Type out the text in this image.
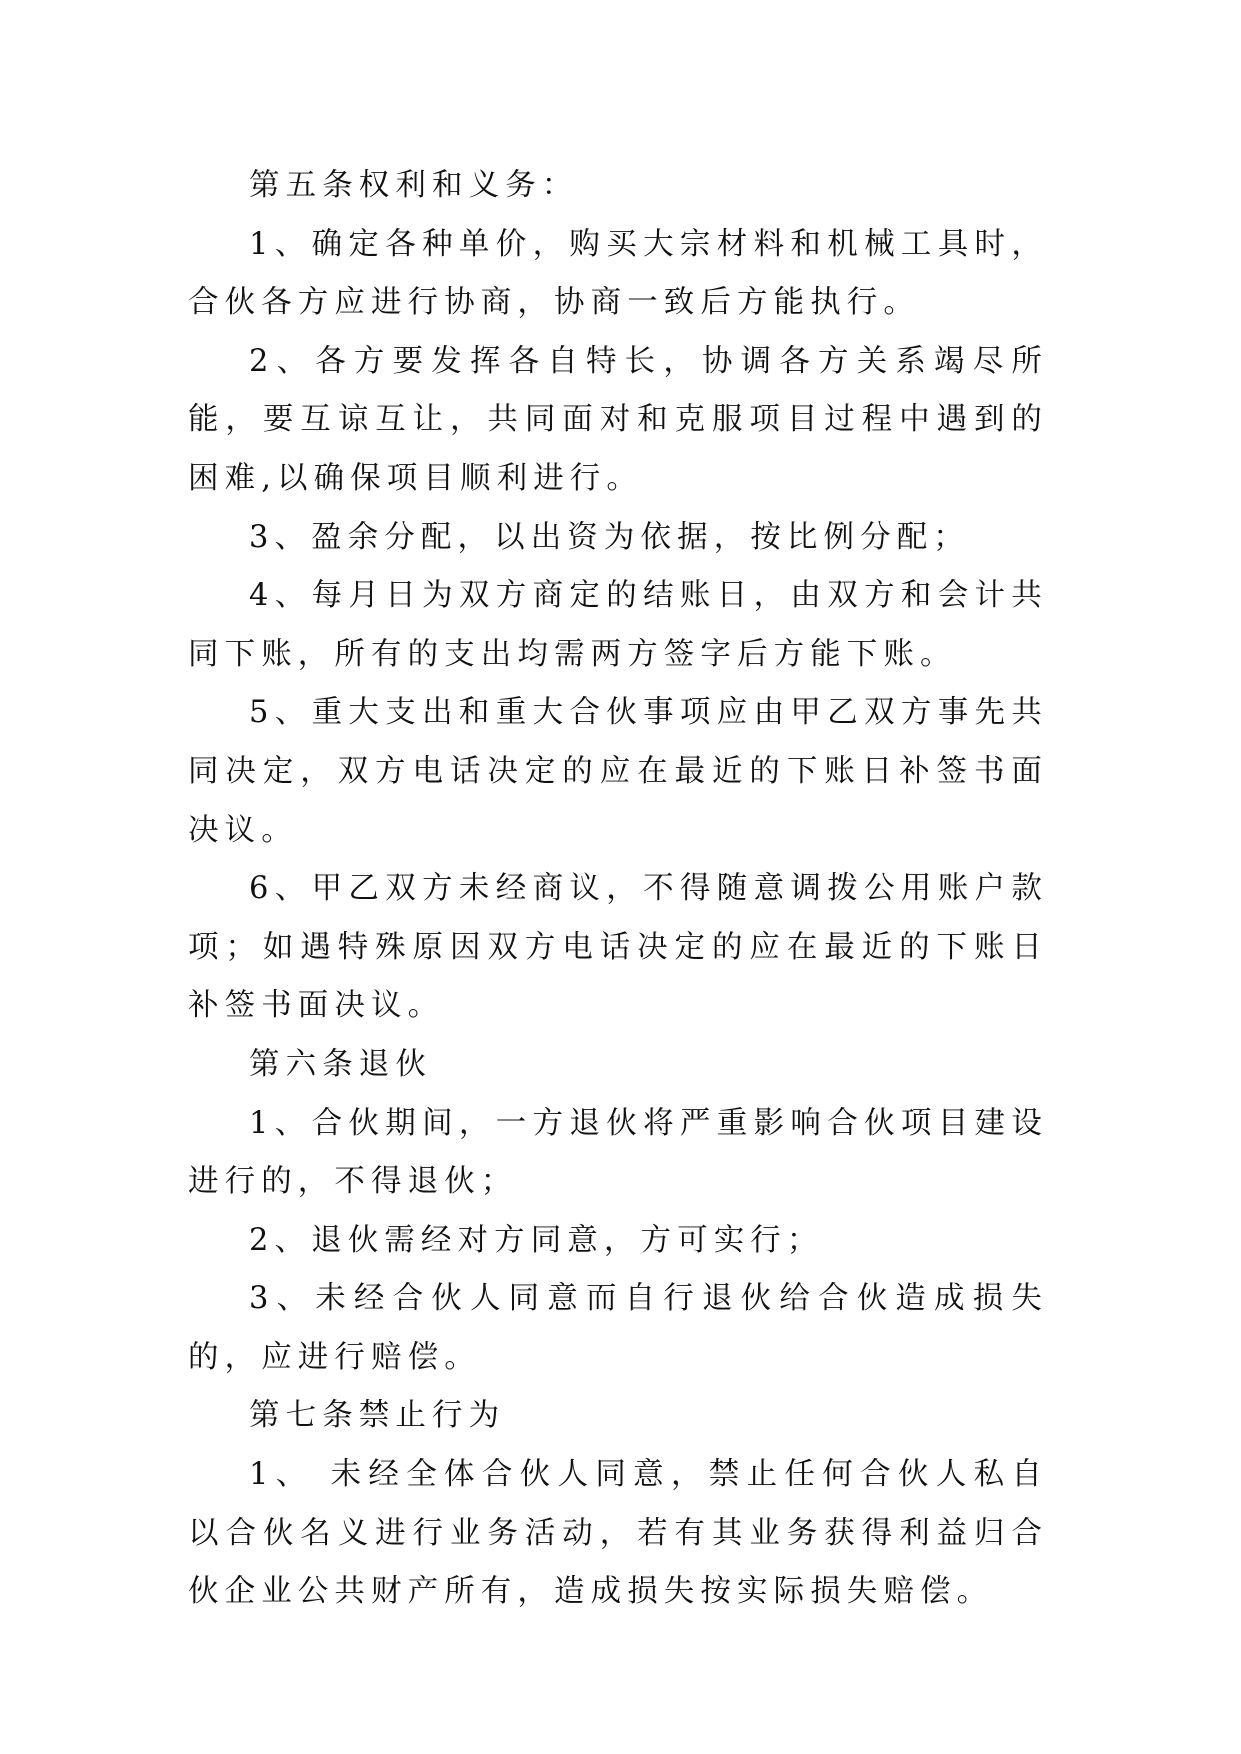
第五条权利和义务：

1、确定各种单价，购买大宗材料和机械工具时，合伙各方应进行协商，协商一致后方能执行。

2、各方要发挥各自特长，协调各方关系竭尽所能，要互谅互让，共同面对和克服项目过程中遇到的困难,以确保项目顺利进行。

3、盈余分配，以出资为依据，按比例分配；

4、每月日为双方商定的结账日，由双方和会计共同下账，所有的支出均需两方签字后方能下账。

5、重大支出和重大合伙事项应由甲乙双方事先共同决定，双方电话决定的应在最近的下账日补签书面决议。

6、甲乙双方未经商议，不得随意调拨公用账户款项；如遇特殊原因双方电话决定的应在最近的下账日补签书面决议。

第六条退伙

1、合伙期间，一方退伙将严重影响合伙项目建设进行的，不得退伙；

2、退伙需经对方同意，方可实行；

3、未经合伙人同意而自行退伙给合伙造成损失的，应进行赔偿。

第七条禁止行为

1、 未经全体合伙人同意，禁止任何合伙人私自以合伙名义进行业务活动，若有其业务获得利益归合伙企业公共财产所有，造成损失按实际损失赔偿。
